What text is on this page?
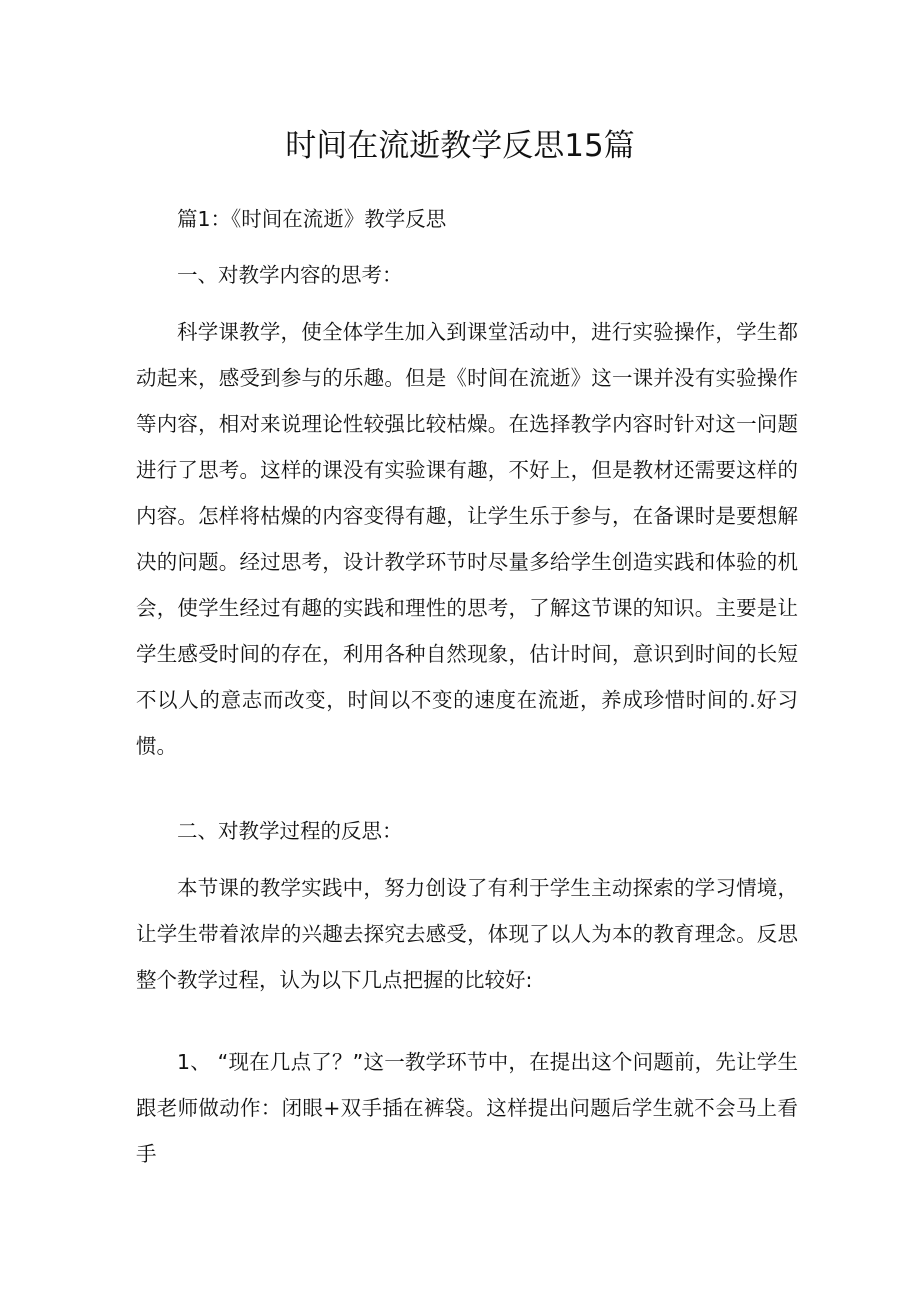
时间在流逝教学反思15篇

篇1：《时间在流逝》教学反思

一、对教学内容的思考：

科学课教学，使全体学生加入到课堂活动中，进行实验操作，学生都动起来，感受到参与的乐趣。但是《时间在流逝》这一课并没有实验操作等内容，相对来说理论性较强比较枯燥。在选择教学内容时针对这一问题进行了思考。这样的课没有实验课有趣，不好上，但是教材还需要这样的内容。怎样将枯燥的内容变得有趣，让学生乐于参与，在备课时是要想解决的问题。经过思考，设计教学环节时尽量多给学生创造实践和体验的机会，使学生经过有趣的实践和理性的思考，了解这节课的知识。主要是让学生感受时间的存在，利用各种自然现象，估计时间，意识到时间的长短不以人的意志而改变，时间以不变的速度在流逝，养成珍惜时间的.好习惯。

二、对教学过程的反思：

本节课的教学实践中，努力创设了有利于学生主动探索的学习情境，让学生带着浓岸的兴趣去探究去感受，体现了以人为本的教育理念。反思整个教学过程，认为以下几点把握的比较好:

1、 “现在几点了？”这一教学环节中，在提出这个问题前，先让学生跟老师做动作：闭眼+双手插在裤袋。这样提出问题后学生就不会马上看手
